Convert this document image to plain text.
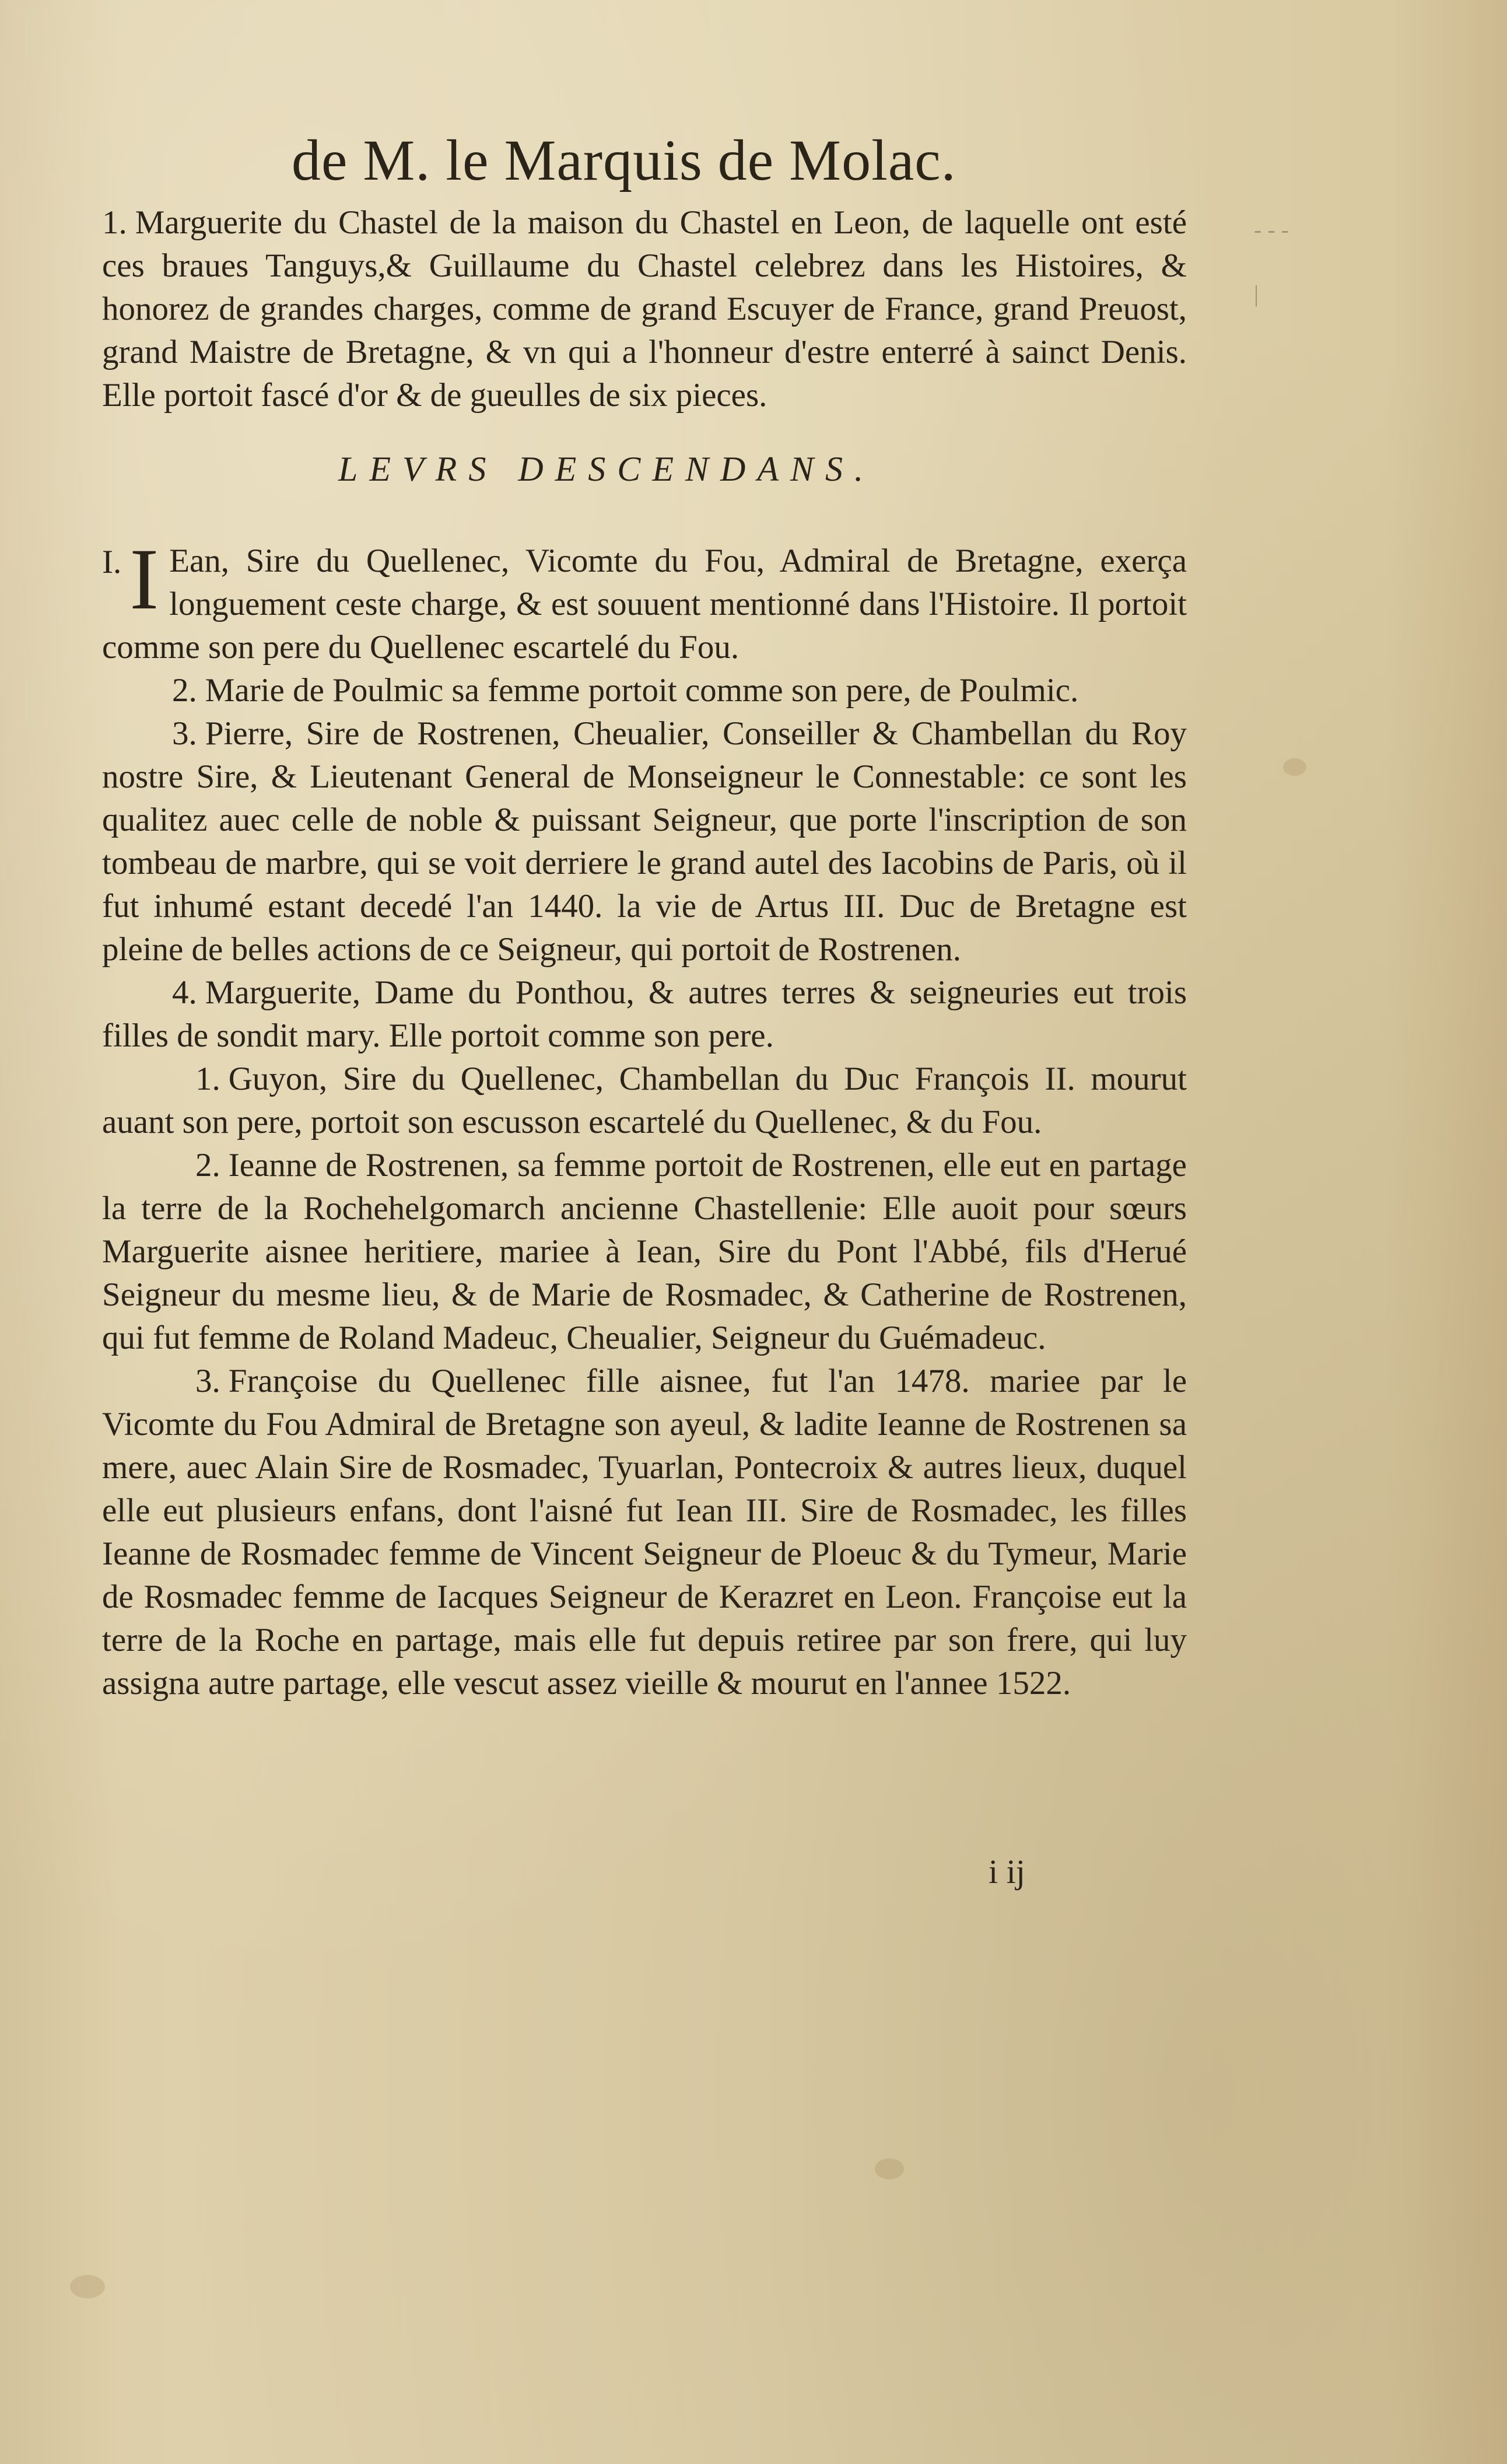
- - -
|
de M. le Marquis de Molac.

1. Marguerite du Chastel de la maison du Chastel en Leon, de laquelle ont esté ces braues Tanguys,& Guillaume du Chastel celebrez dans les Histoires, & honorez de grandes charges, comme de grand Escuyer de France, grand Preuost, grand Maistre de Bretagne, & vn qui a l'honneur d'estre enterré à sainct Denis. Elle portoit fascé d'or & de gueulles de six pieces.

LEVRS DESCENDANS.

I. I Ean, Sire du Quellenec, Vicomte du Fou, Admiral de Bretagne, exerça longuement ceste charge, & est souuent mentionné dans l'Histoire. Il portoit comme son pere du Quellenec escartelé du Fou.

2. Marie de Poulmic sa femme portoit comme son pere, de Poulmic.

3. Pierre, Sire de Rostrenen, Cheualier, Conseiller & Chambellan du Roy nostre Sire, & Lieutenant General de Monseigneur le Connestable: ce sont les qualitez auec celle de noble & puissant Seigneur, que porte l'inscription de son tombeau de marbre, qui se voit derriere le grand autel des Iacobins de Paris, où il fut inhumé estant decedé l'an 1440. la vie de Artus III. Duc de Bretagne est pleine de belles actions de ce Seigneur, qui portoit de Rostrenen.

4. Marguerite, Dame du Ponthou, & autres terres & seigneuries eut trois filles de sondit mary. Elle portoit comme son pere.

1. Guyon, Sire du Quellenec, Chambellan du Duc François II. mourut auant son pere, portoit son escusson escartelé du Quellenec, & du Fou.

2. Ieanne de Rostrenen, sa femme portoit de Rostrenen, elle eut en partage la terre de la Rochehelgomarch ancienne Chastellenie: Elle auoit pour sœurs Marguerite aisnee heritiere, mariee à Iean, Sire du Pont l'Abbé, fils d'Herué Seigneur du mesme lieu, & de Marie de Rosmadec, & Catherine de Rostrenen, qui fut femme de Roland Madeuc, Cheualier, Seigneur du Guémadeuc.

3. Françoise du Quellenec fille aisnee, fut l'an 1478. mariee par le Vicomte du Fou Admiral de Bretagne son ayeul, & ladite Ieanne de Rostrenen sa mere, auec Alain Sire de Rosmadec, Tyuarlan, Pontecroix & autres lieux, duquel elle eut plusieurs enfans, dont l'aisné fut Iean III. Sire de Rosmadec, les filles Ieanne de Rosmadec femme de Vincent Seigneur de Ploeuc & du Tymeur, Marie de Rosmadec femme de Iacques Seigneur de Kerazret en Leon. Françoise eut la terre de la Roche en partage, mais elle fut depuis retiree par son frere, qui luy assigna autre partage, elle vescut assez vieille & mourut en l'annee 1522.

i ij
